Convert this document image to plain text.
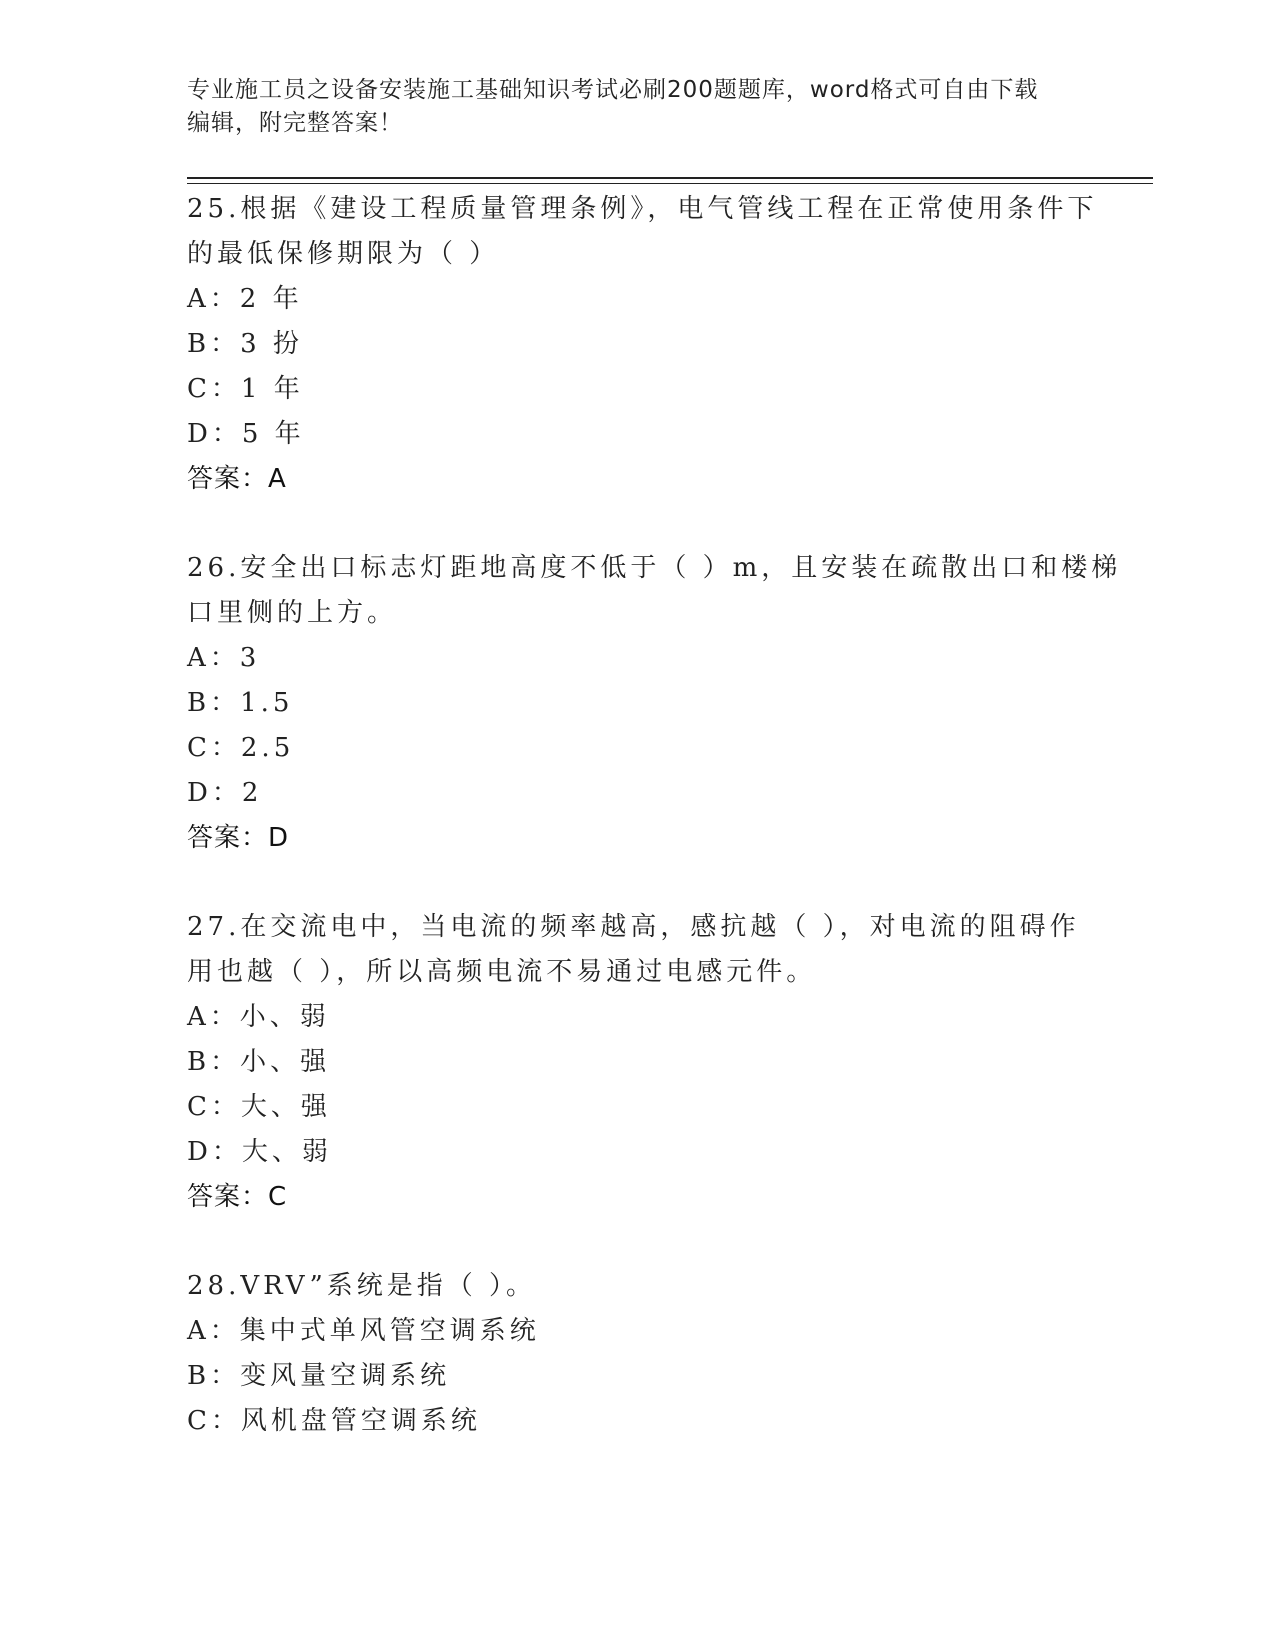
专业施工员之设备安装施工基础知识考试必刷200题题库，word格式可自由下载
编辑，附完整答案！
25.根据《建设工程质量管理条例》，电气管线工程在正常使用条件下
的最低保修期限为（ ）
A：2 年
B：3 扮
C：1 年
D：5 年
答案：A
26.安全出口标志灯距地高度不低于（ ）m，且安装在疏散出口和楼梯
口里侧的上方。
A：3
B：1.5
C：2.5
D：2
答案：D
27.在交流电中，当电流的频率越高，感抗越（ ），对电流的阻碍作
用也越（ ），所以高频电流不易通过电感元件。
A：小、弱
B：小、强
C：大、强
D：大、弱
答案：C
28.VRV”系统是指（ ）。
A：集中式单风管空调系统
B：变风量空调系统
C：风机盘管空调系统
